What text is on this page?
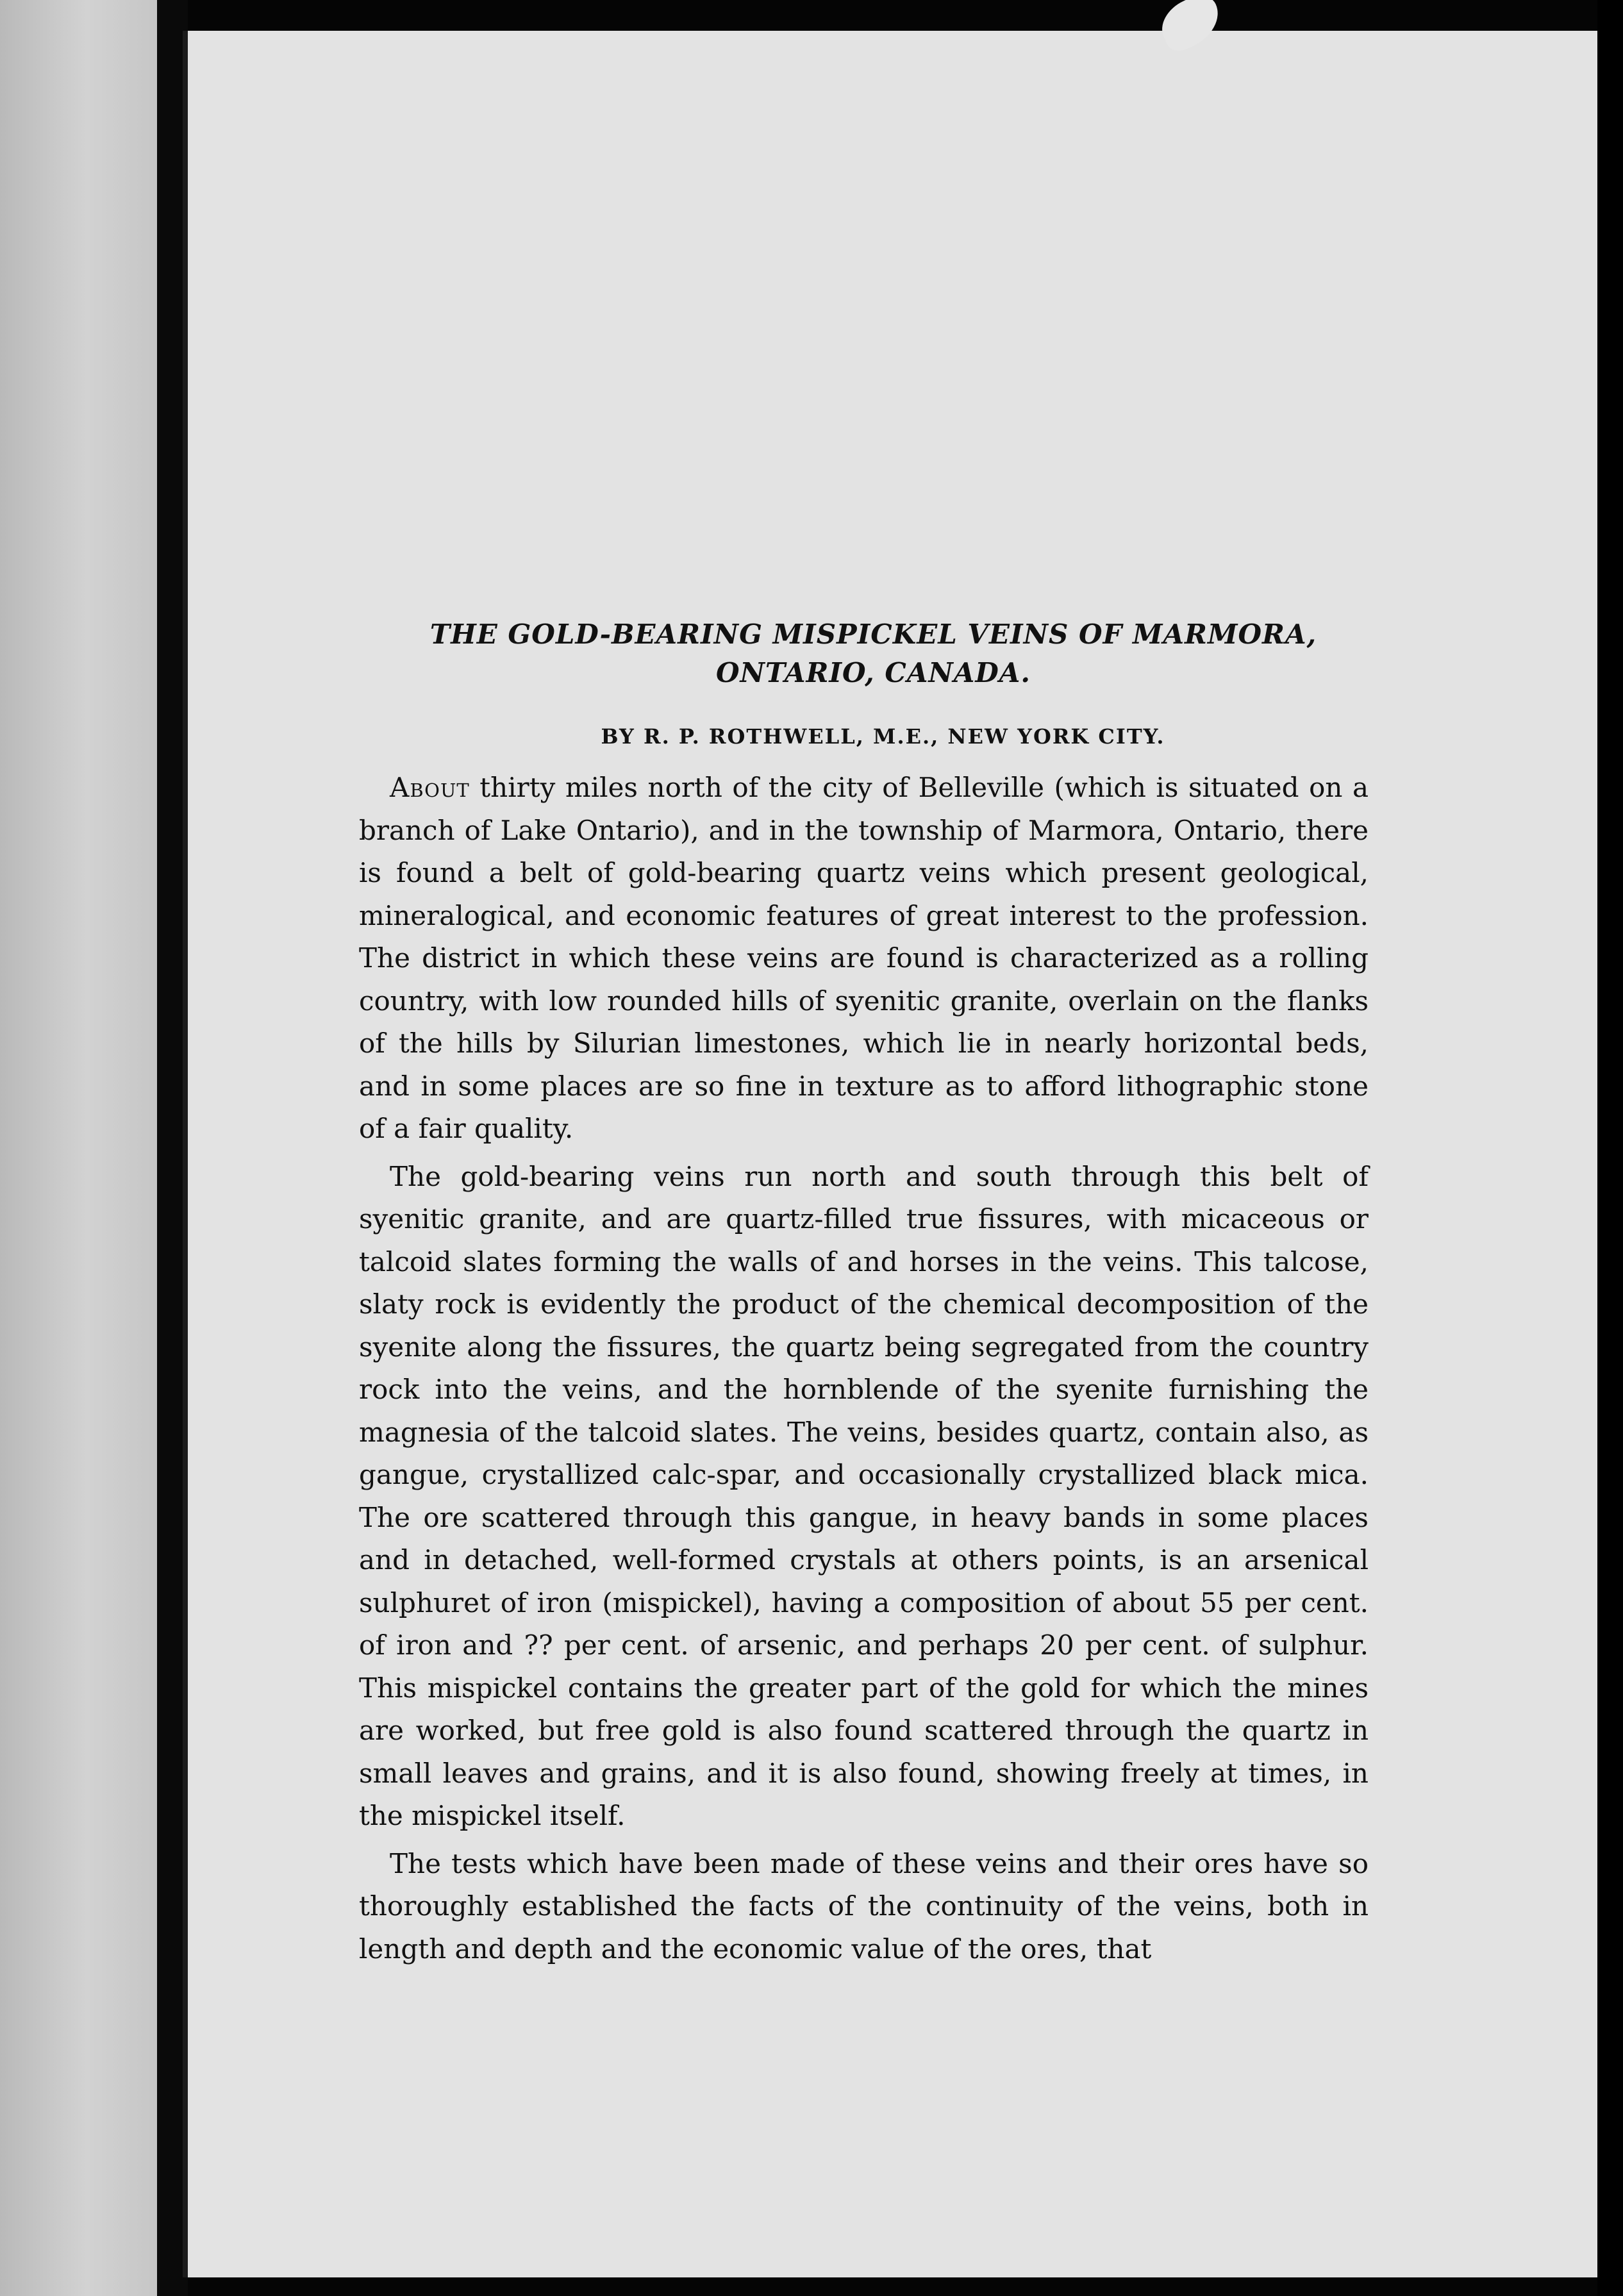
THE GOLD-BEARING MISPICKEL VEINS OF MARMORA,
ONTARIO, CANADA.
BY R. P. ROTHWELL, M.E., NEW YORK CITY.

About thirty miles north of the city of Belleville (which is situated on a branch of Lake Ontario), and in the township of Marmora, Ontario, there is found a belt of gold-bearing quartz veins which present geological, mineralogical, and economic features of great interest to the profession. The district in which these veins are found is characterized as a rolling country, with low rounded hills of syenitic granite, overlain on the flanks of the hills by Silurian limestones, which lie in nearly horizontal beds, and in some places are so fine in texture as to afford lithographic stone of a fair quality.

The gold-bearing veins run north and south through this belt of syenitic granite, and are quartz-filled true fissures, with micaceous or talcoid slates forming the walls of and horses in the veins. This talcose, slaty rock is evidently the product of the chemical decomposition of the syenite along the fissures, the quartz being segregated from the country rock into the veins, and the hornblende of the syenite furnishing the magnesia of the talcoid slates. The veins, besides quartz, contain also, as gangue, crystallized calc-spar, and occasionally crystallized black mica. The ore scattered through this gangue, in heavy bands in some places and in detached, well-formed crystals at others points, is an arsenical sulphuret of iron (mispickel), having a composition of about 55 per cent. of iron and ?? per cent. of arsenic, and perhaps 20 per cent. of sulphur. This mispickel contains the greater part of the gold for which the mines are worked, but free gold is also found scattered through the quartz in small leaves and grains, and it is also found, showing freely at times, in the mispickel itself.

The tests which have been made of these veins and their ores have so thoroughly established the facts of the continuity of the veins, both in length and depth and the economic value of the ores, that
